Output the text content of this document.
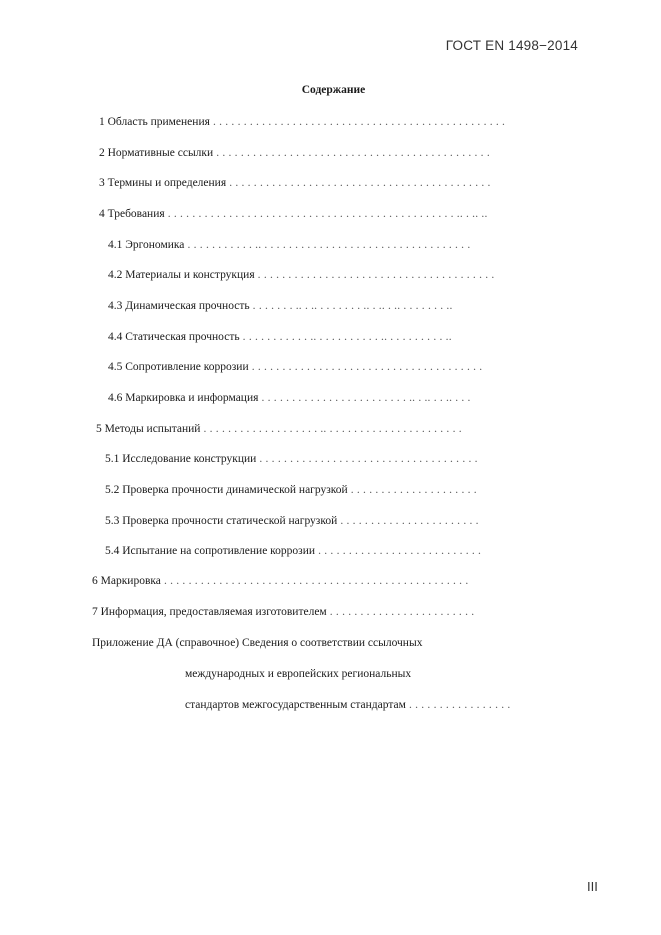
ГОСТ EN 1498−2014
Содержание
1 Область применения . . . . . . . . . . . . . . . . . . . . . . . . . . . . . . . . . . . . . . . . . . . . . . . .
2 Нормативные ссылки . . . . . . . . . . . . . . . . . . . . . . . . . . . . . . . . . . . . . . . . . . . . .
3 Термины и определения . . . . . . . . . . . . . . . . . . . . . . . . . . . . . . . . . . . . . . . . . . .
4 Требования . . . . . . . . . . . . . . . . . . . . . . . . . . . . . . . . . . . . . . . . . . . . . . . .. . .. ..
4.1 Эргономика . . . . . . . . . . . .. . . . . . . . . . . . . . . . . . . . . . . . . . . . . . . . . . .
4.2 Материалы и конструкция . . . . . . . . . . . . . . . . . . . . . . . . . . . . . . . . . . . . . . .
4.3 Динамическая прочность . . . . . . . .. . .. . . . . . . . .. . .. . .. . . . . . . . ..
4.4 Статическая прочность . . . . . . . . . . . .. . . . . . . . . . . .. . . . . . . . . . ..
4.5 Сопротивление коррозии . . . . . . . . . . . . . . . . . . . . . . . . . . . . . . . . . . . . . .
4.6 Маркировка и информация . . . . . . . . . . . . . . . . . . . . . . . . .. . .. . . .. . . .
5 Методы испытаний . . . . . . . . . . . . . . . . . . . .. . . . . . . . . . . . . . . . . . . . . . .
5.1 Исследование конструкции . . . . . . . . . . . . . . . . . . . . . . . . . . . . . . . . . . . .
5.2 Проверка прочности динамической нагрузкой . . . . . . . . . . . . . . . . . . . . .
5.3 Проверка прочности статической нагрузкой . . . . . . . . . . . . . . . . . . . . . . .
5.4 Испытание на сопротивление коррозии . . . . . . . . . . . . . . . . . . . . . . . . . . .
6 Маркировка . . . . . . . . . . . . . . . . . . . . . . . . . . . . . . . . . . . . . . . . . . . . . . . . . .
7 Информация, предоставляемая изготовителем . . . . . . . . . . . . . . . . . . . . . . . .
Приложение ДА (справочное) Сведения о соответствии ссылочных
международных и европейских региональных
стандартов межгосударственным стандартам . . . . . . . . . . . . . . . . .
III
